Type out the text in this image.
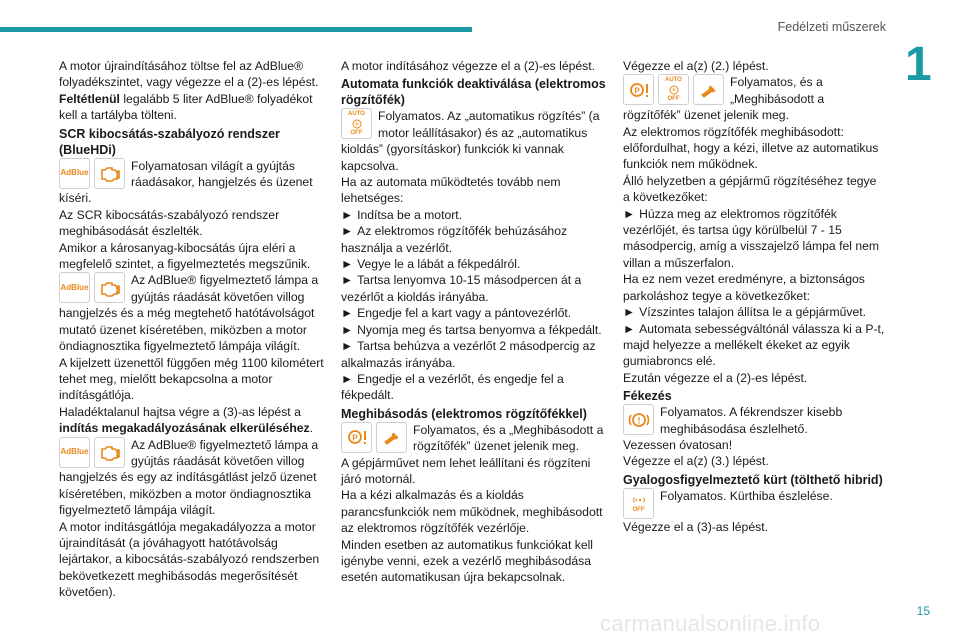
Fedélzeti műszerek
1
15
carmanualsonline.info

A motor újraindításához töltse fel az AdBlue® folyadékszintet, vagy végezze el a (2)-es lépést.

Feltétlenül legalább 5 liter AdBlue® folyadékot kell a tartályba tölteni.

SCR kibocsátás-szabályozó rendszer (BlueHDi)
AdBlue	Folyamatosan világít a gyújtás ráadásakor, hangjelzés és üzenet kíséri.

Az SCR kibocsátás-szabályozó rendszer meghibásodását észlelték.

Amikor a károsanyag-kibocsátás újra eléri a megfelelő szintet, a figyelmeztetés megszűnik.

AdBlue	Az AdBlue® figyelmeztető lámpa a gyújtás ráadását követően villog hangjelzés és a még megtehető hatótávolságot mutató üzenet kíséretében, miközben a motor öndiagnosztika figyelmeztető lámpája világít.

A kijelzett üzenettől függően még 1100 kilométert tehet meg, mielőtt bekapcsolna a motor indításgátlója.

Haladéktalanul hajtsa végre a (3)-as lépést a indítás megakadályozásának elkerüléséhez.

AdBlue	Az AdBlue® figyelmeztető lámpa a gyújtás ráadását követően villog hangjelzés és egy az indításgátlást jelző üzenet kíséretében, miközben a motor öndiagnosztika figyelmeztető lámpája világít.

A motor indításgátlója megakadályozza a motor újraindítását (a jóváhagyott hatótávolság lejártakor, a kibocsátás-szabályozó rendszerben bekövetkezett meghibásodás megerősítését követően).

A motor indításához végezze el a (2)-es lépést.

Automata funkciók deaktiválása (elektromos rögzítőfék)
AUTO
P
OFF

Folyamatos. Az „automatikus rögzítés” (a motor leállításakor) és az „automatikus kioldás” (gyorsításkor) funkciók ki vannak kapcsolva.

Ha az automata működtetés tovább nem lehetséges:

► Indítsa be a motort.

► Az elektromos rögzítőfék behúzásához használja a vezérlőt.

► Vegye le a lábát a fékpedálról.

► Tartsa lenyomva 10-15 másodpercen át a vezérlőt a kioldás irányába.

► Engedje fel a kart vagy a pántovezérlőt.

► Nyomja meg és tartsa benyomva a fékpedált.

► Tartsa behúzva a vezérlőt 2 másodpercig az alkalmazás irányába.

► Engedje el a vezérlőt, és engedje fel a fékpedált.

Meghibásodás (elektromos rögzítőfékkel)
P

Folyamatos, és a „Meghibásodott a rögzítőfék” üzenet jelenik meg.

A gépjárművet nem lehet leállítani és rögzíteni járó motornál.

Ha a kézi alkalmazás és a kioldás parancsfunkciók nem működnek, meghibásodott az elektromos rögzítőfék vezérlője.

Minden esetben az automatikus funkciókat kell igénybe venni, ezek a vezérlő meghibásodása esetén automatikusan újra bekapcsolnak.

Végezze el a(z) (2.) lépést.

P
AUTO
P
OFF

Folyamatos, és a „Meghibásodott a rögzítőfék” üzenet jelenik meg.

Az elektromos rögzítőfék meghibásodott: előfordulhat, hogy a kézi, illetve az automatikus funkciók nem működnek.

Álló helyzetben a gépjármű rögzítéséhez tegye a következőket:

► Húzza meg az elektromos rögzítőfék vezérlőjét, és tartsa úgy körülbelül 7 - 15 másodpercig, amíg a visszajelző lámpa fel nem villan a műszerfalon.

Ha ez nem vezet eredményre, a biztonságos parkoláshoz tegye a következőket:

► Vízszintes talajon állítsa le a gépjárművet.

► Automata sebességváltónál válassza ki a P-t, majd helyezze a mellékelt ékeket az egyik gumiabroncs elé.

Ezután végezze el a (2)-es lépést.

Fékezés
!

Folyamatos. A fékrendszer kisebb meghibásodása észlelhető.

Vezessen óvatosan!

Végezze el a(z) (3.) lépést.

Gyalogosfigyelmeztető kürt (tölthető hibrid)
OFF

Folyamatos. Kürthiba észlelése.

Végezze el a (3)-as lépést.
